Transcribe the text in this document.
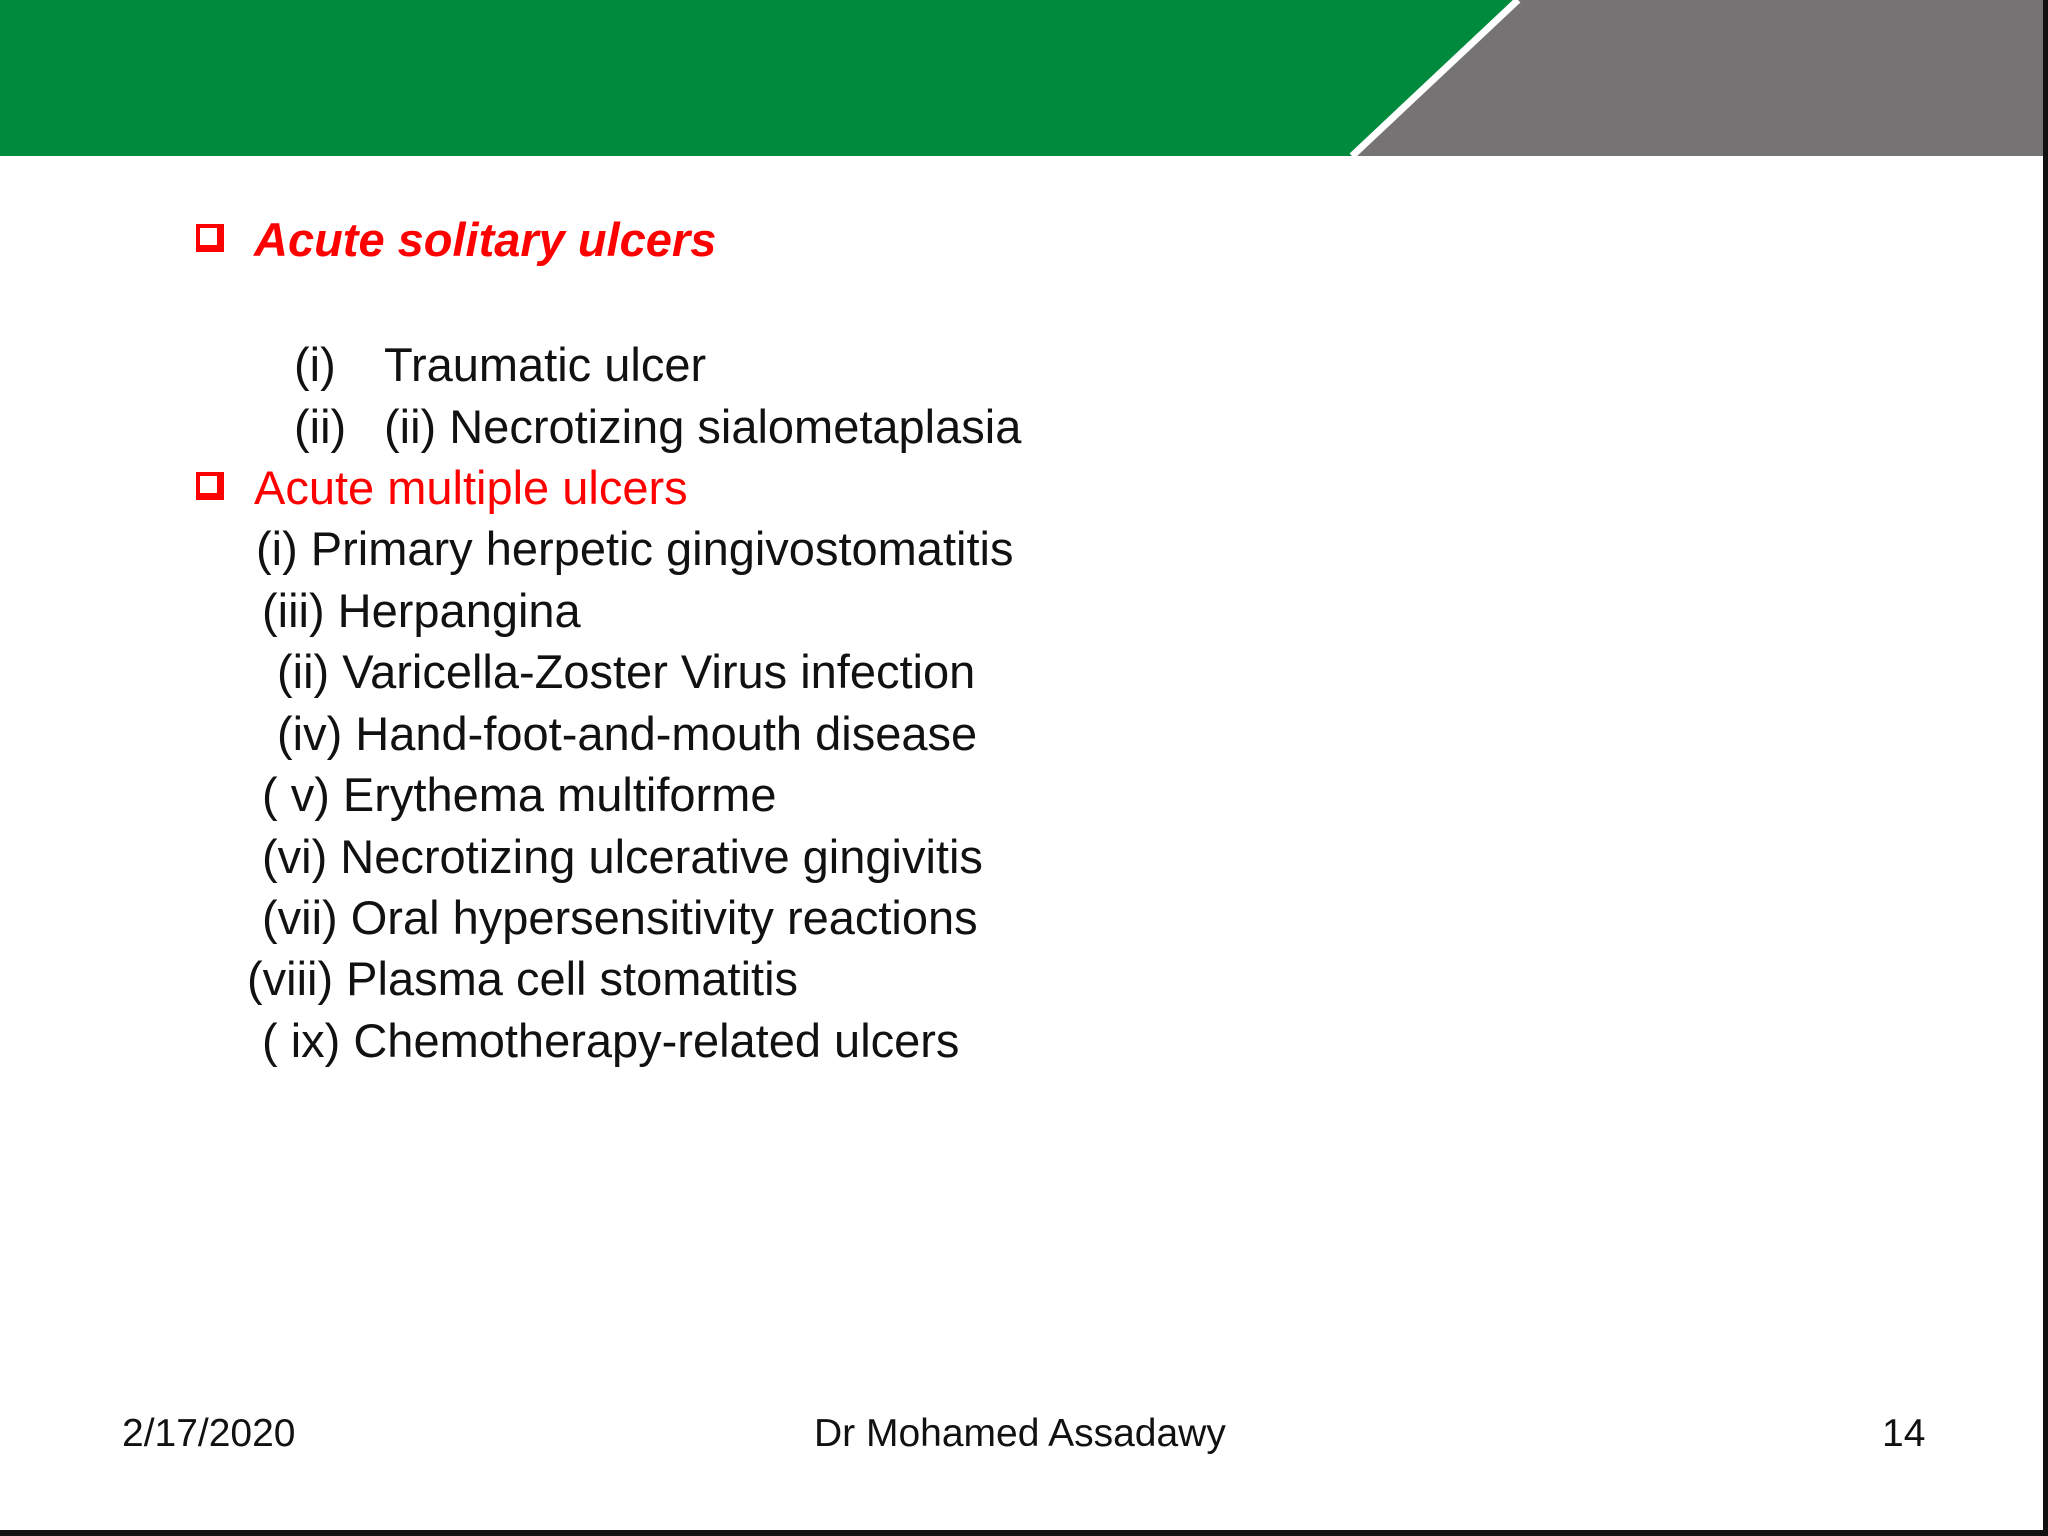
Acute solitary ulcers
(i) Traumatic ulcer
(ii) (ii) Necrotizing sialometaplasia
Acute multiple ulcers
(i) Primary herpetic gingivostomatitis
(iii) Herpangina
(ii) Varicella-Zoster Virus infection
(iv) Hand-foot-and-mouth disease
( v) Erythema multiforme
(vi) Necrotizing ulcerative gingivitis
(vii) Oral hypersensitivity reactions
(viii) Plasma cell stomatitis
( ix) Chemotherapy-related ulcers
2/17/2020	Dr Mohamed Assadawy	14
